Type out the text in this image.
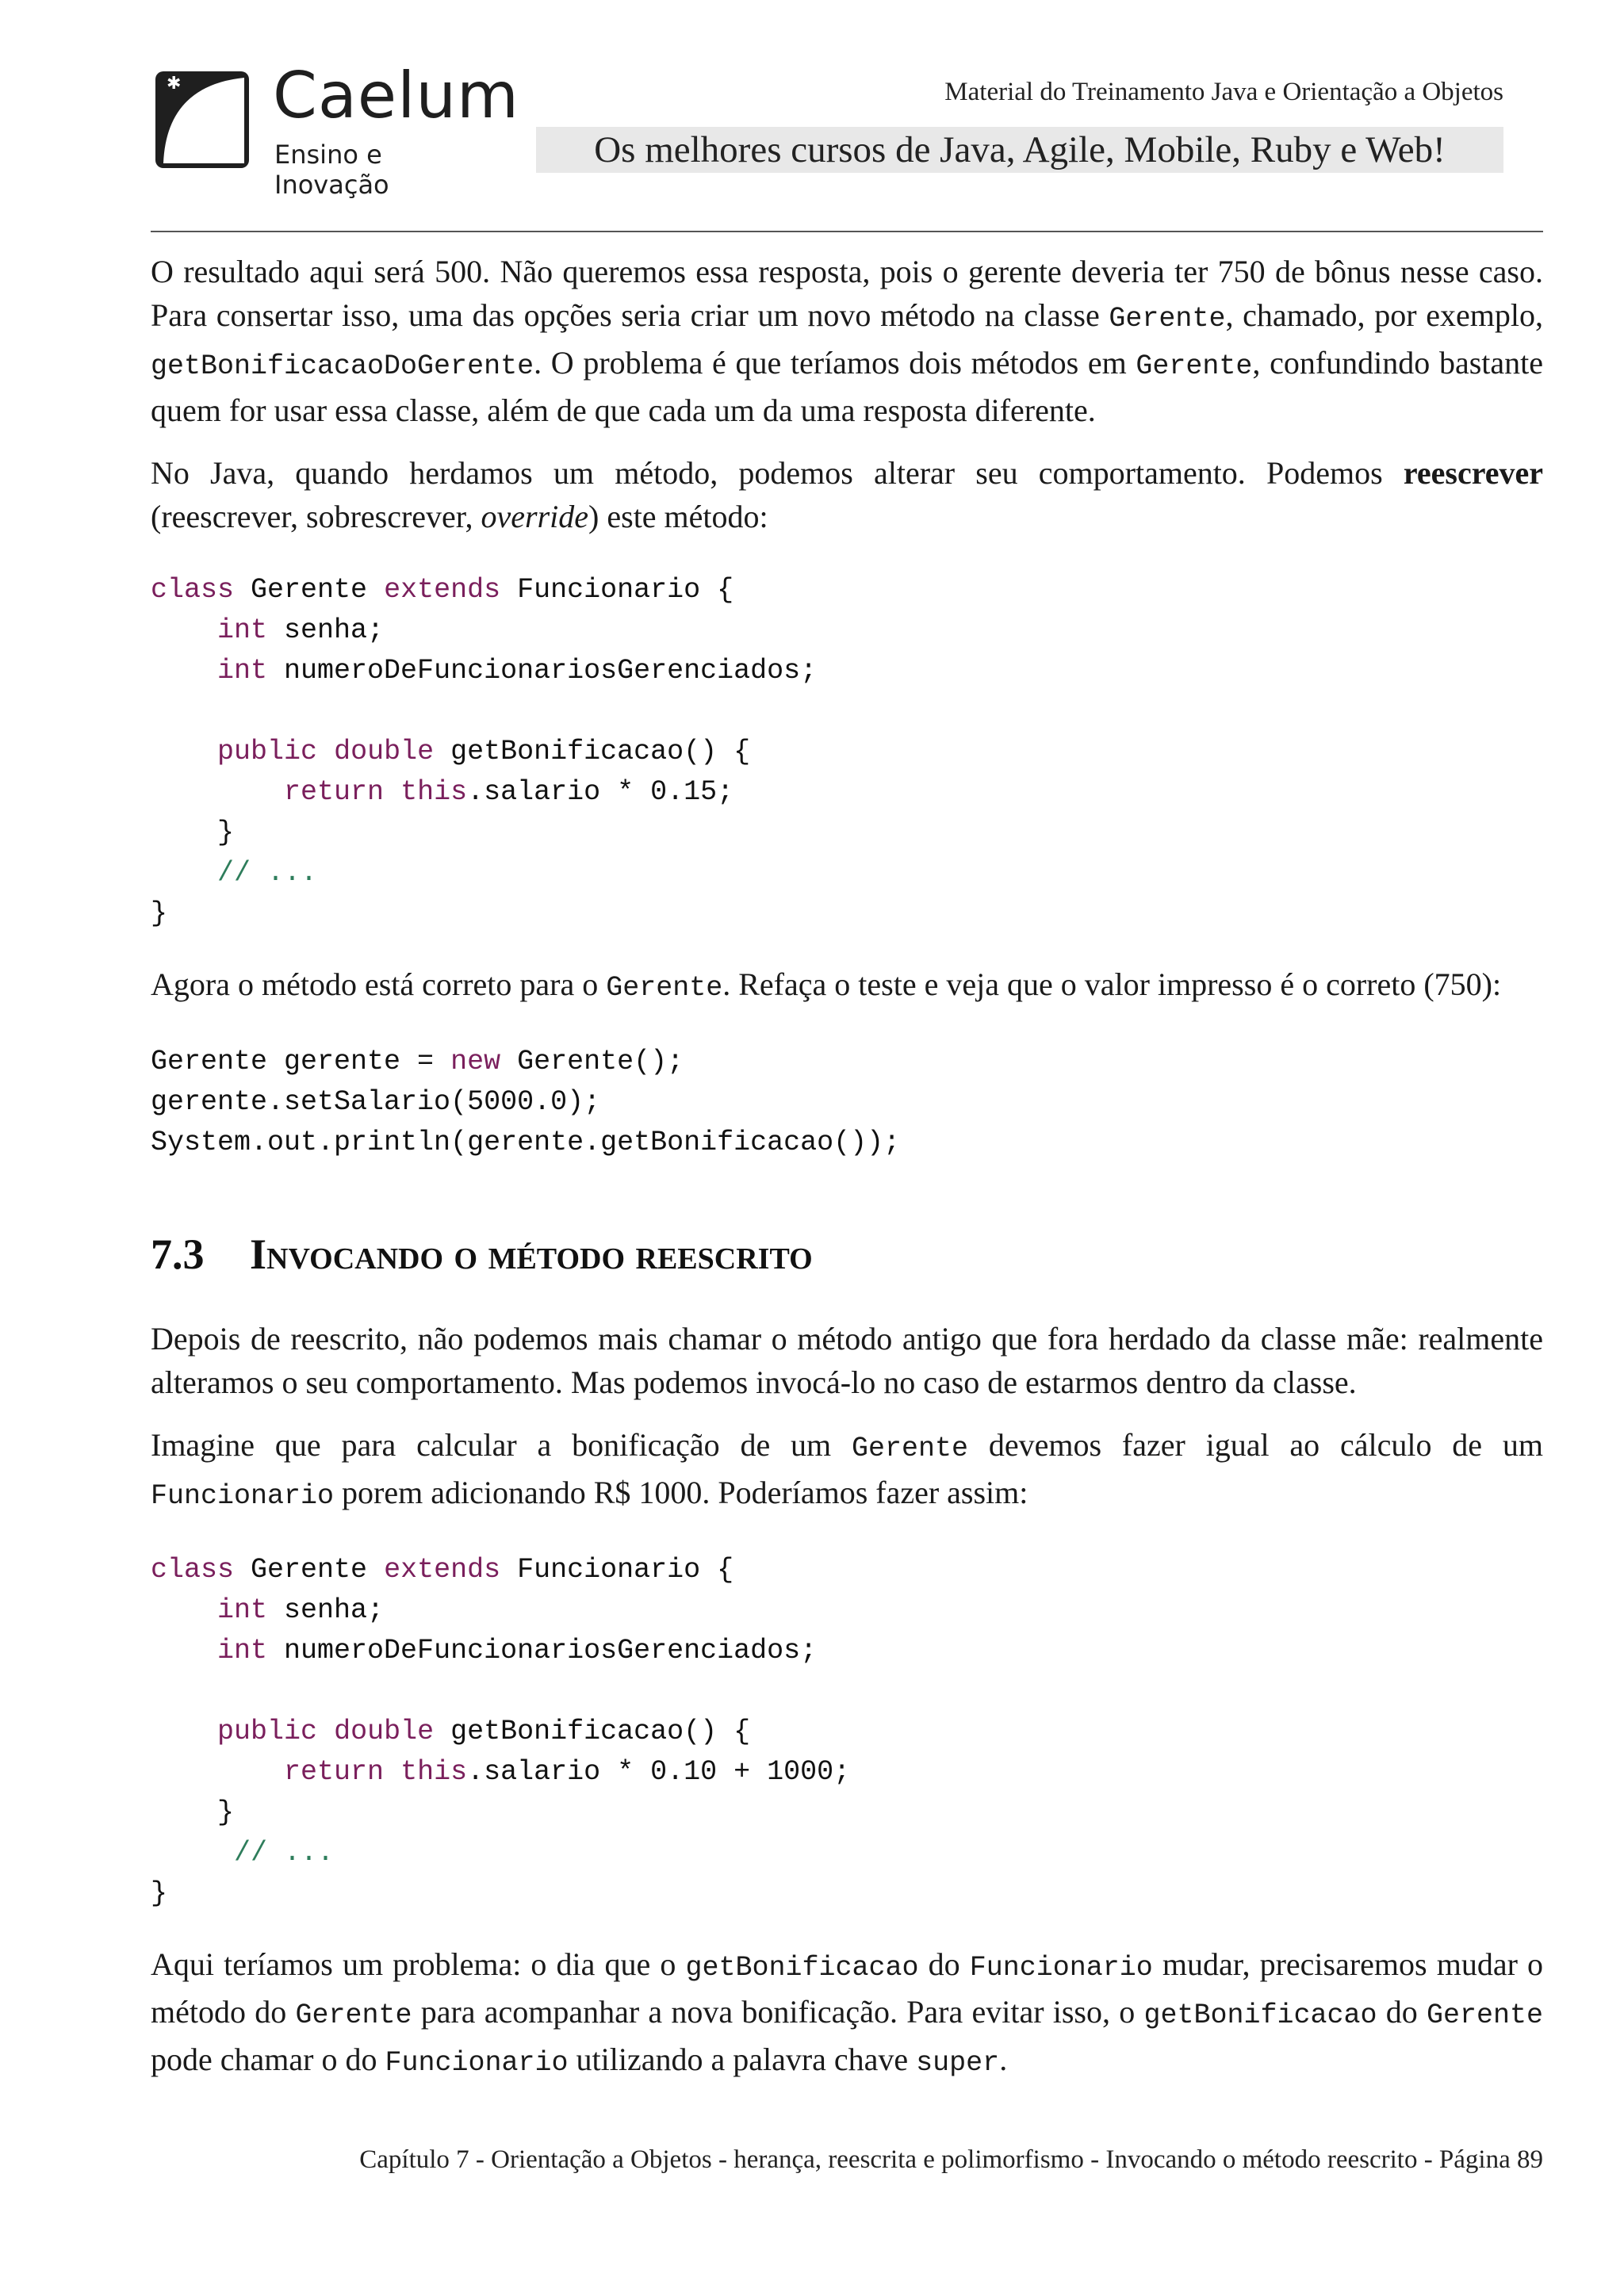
✱ Caelum
Ensino e Inovação
Material do Treinamento Java e Orientação a Objetos
Os melhores cursos de Java, Agile, Mobile, Ruby e Web!

O resultado aqui será 500. Não queremos essa resposta, pois o gerente deveria ter 750 de bônus nesse caso. Para consertar isso, uma das opções seria criar um novo método na classe Gerente, chamado, por exemplo, getBonificacaoDoGerente. O problema é que teríamos dois métodos em Gerente, confundindo bastante quem for usar essa classe, além de que cada um da uma resposta diferente.

No Java, quando herdamos um método, podemos alterar seu comportamento. Podemos reescrever (reescrever, sobrescrever, override) este método:

class Gerente extends Funcionario {
int senha;
int numeroDeFuncionariosGerenciados;

public double getBonificacao() {
return this.salario * 0.15;
}
// ...
}

Agora o método está correto para o Gerente. Refaça o teste e veja que o valor impresso é o correto (750):

Gerente gerente = new Gerente();
gerente.setSalario(5000.0);
System.out.println(gerente.getBonificacao());
7.3 Invocando o método reescrito

Depois de reescrito, não podemos mais chamar o método antigo que fora herdado da classe mãe: realmente alteramos o seu comportamento. Mas podemos invocá-lo no caso de estarmos dentro da classe.

Imagine que para calcular a bonificação de um Gerente devemos fazer igual ao cálculo de um Funcionario porem adicionando R$ 1000. Poderíamos fazer assim:

class Gerente extends Funcionario {
int senha;
int numeroDeFuncionariosGerenciados;

public double getBonificacao() {
return this.salario * 0.10 + 1000;
}
// ...
}

Aqui teríamos um problema: o dia que o getBonificacao do Funcionario mudar, precisaremos mudar o método do Gerente para acompanhar a nova bonificação. Para evitar isso, o getBonificacao do Gerente pode chamar o do Funcionario utilizando a palavra chave super.

Capítulo 7 - Orientação a Objetos - herança, reescrita e polimorfismo - Invocando o método reescrito - Página 89
